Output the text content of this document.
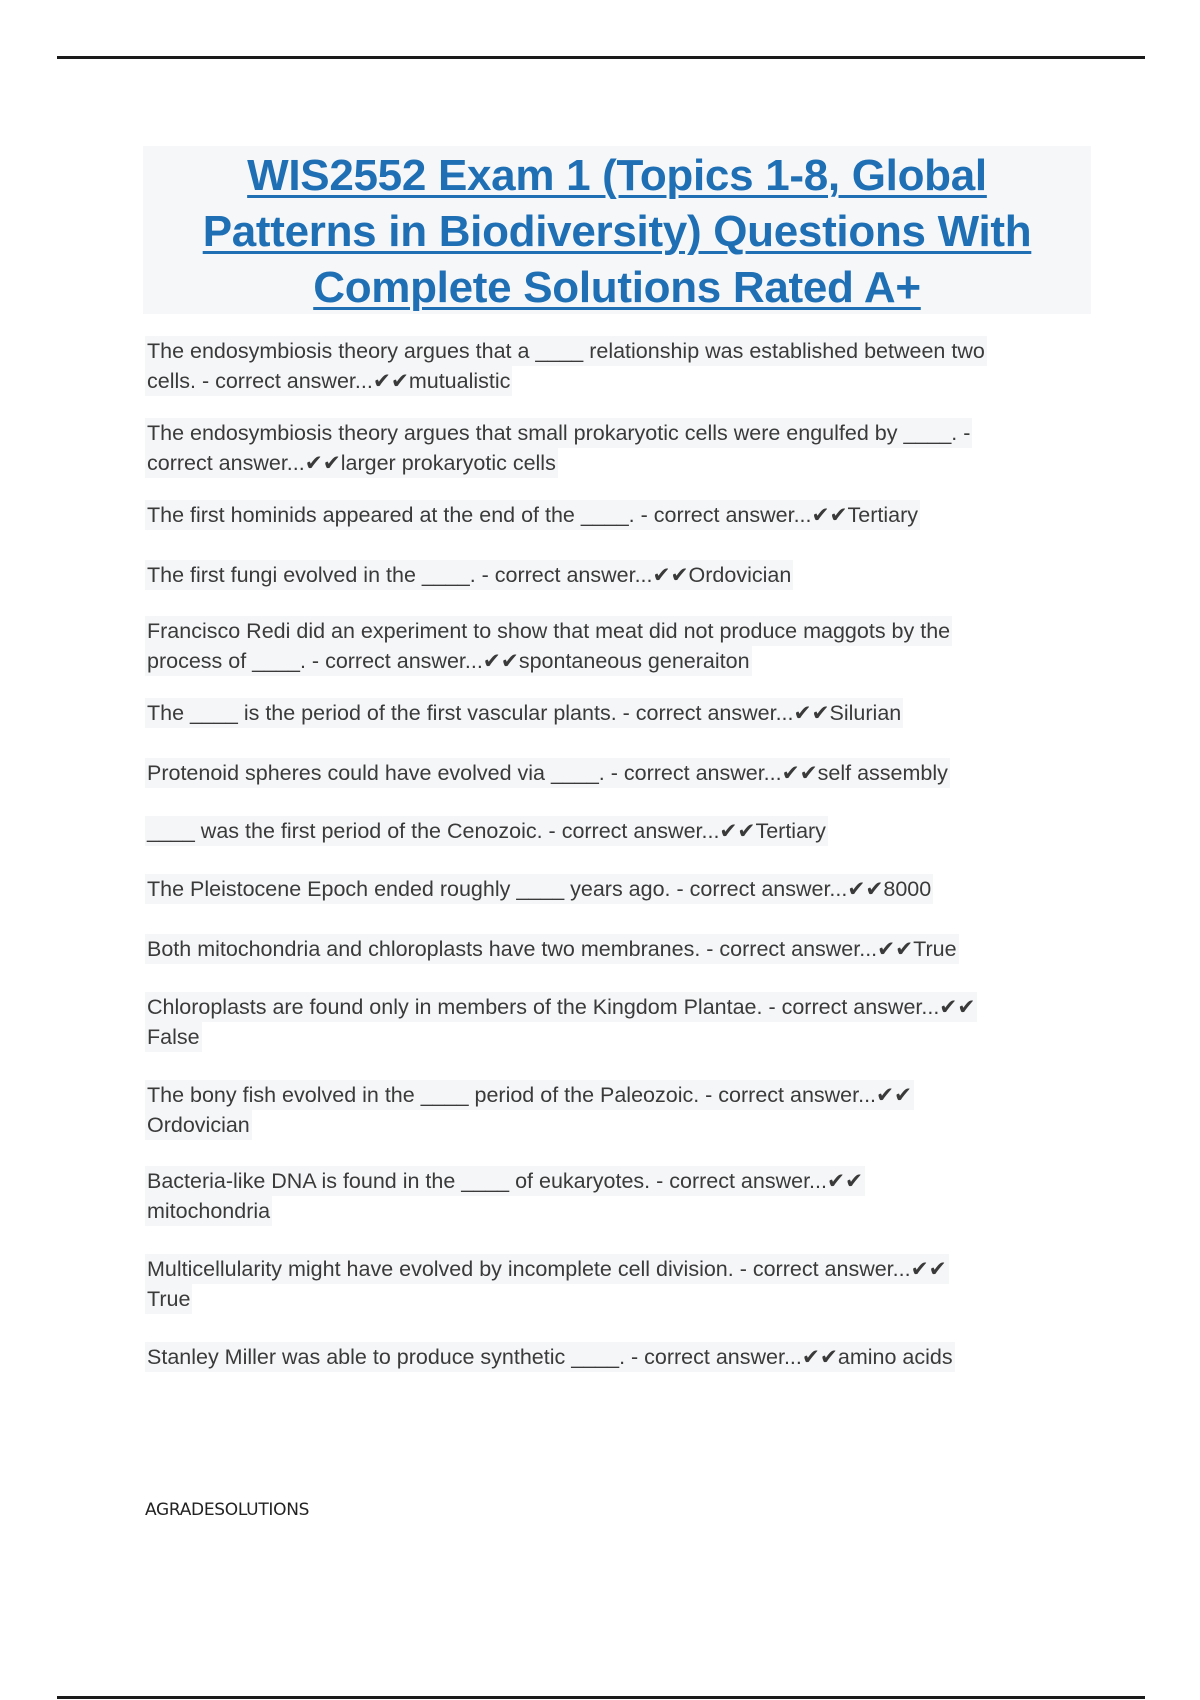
WIS2552 Exam 1 (Topics 1-8, Global
Patterns in Biodiversity) Questions With
Complete Solutions Rated A+

The endosymbiosis theory argues that a ____ relationship was established between two

cells. - correct answer...✔✔mutualistic

The endosymbiosis theory argues that small prokaryotic cells were engulfed by ____. -

correct answer...✔✔larger prokaryotic cells

The first hominids appeared at the end of the ____. - correct answer...✔✔Tertiary

The first fungi evolved in the ____. - correct answer...✔✔Ordovician

Francisco Redi did an experiment to show that meat did not produce maggots by the

process of ____. - correct answer...✔✔spontaneous generaiton

The ____ is the period of the first vascular plants. - correct answer...✔✔Silurian

Protenoid spheres could have evolved via ____. - correct answer...✔✔self assembly

____ was the first period of the Cenozoic. - correct answer...✔✔Tertiary

The Pleistocene Epoch ended roughly ____ years ago. - correct answer...✔✔8000

Both mitochondria and chloroplasts have two membranes. - correct answer...✔✔True

Chloroplasts are found only in members of the Kingdom Plantae. - correct answer...✔✔

False

The bony fish evolved in the ____ period of the Paleozoic. - correct answer...✔✔

Ordovician

Bacteria-like DNA is found in the ____ of eukaryotes. - correct answer...✔✔

mitochondria

Multicellularity might have evolved by incomplete cell division. - correct answer...✔✔

True

Stanley Miller was able to produce synthetic ____. - correct answer...✔✔amino acids

AGRADESOLUTIONS
